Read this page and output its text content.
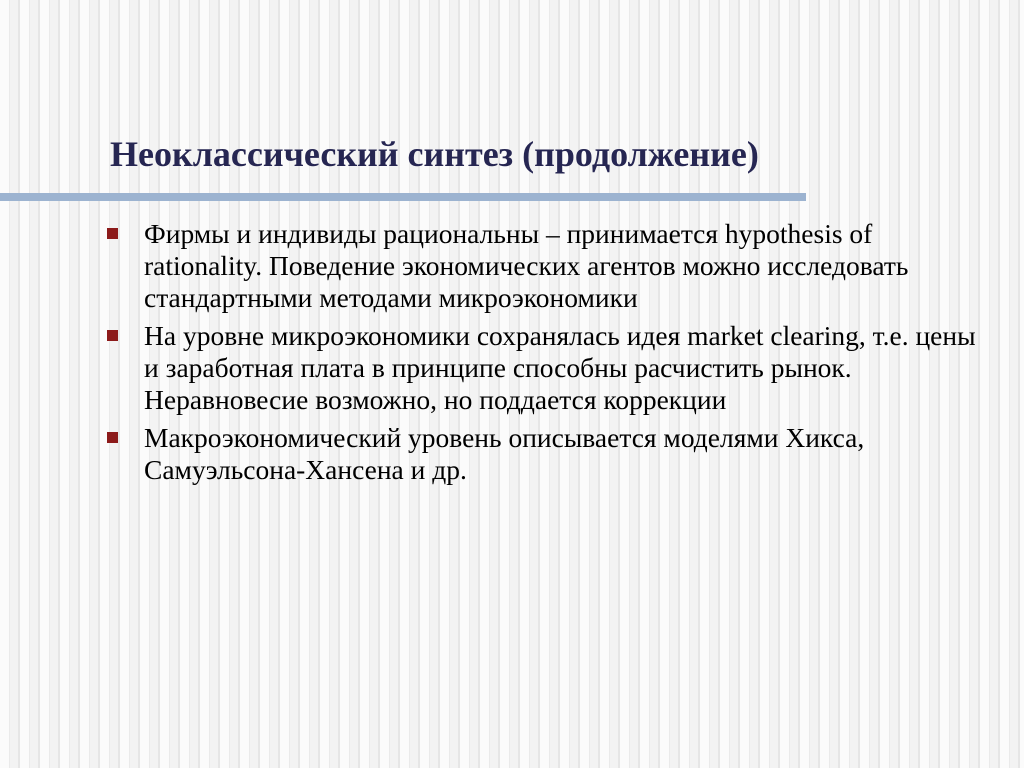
Неоклассический синтез (продолжение)
Фирмы и индивиды рациональны – принимается hypothesis of rationality. Поведение экономических агентов можно исследовать стандартными методами микроэкономики
На уровне микроэкономики сохранялась идея market clearing, т.е. цены и заработная плата в принципе способны расчистить рынок. Неравновесие возможно, но поддается коррекции
Макроэкономический уровень описывается моделями Хикса, Самуэльсона-Хансена и др.
